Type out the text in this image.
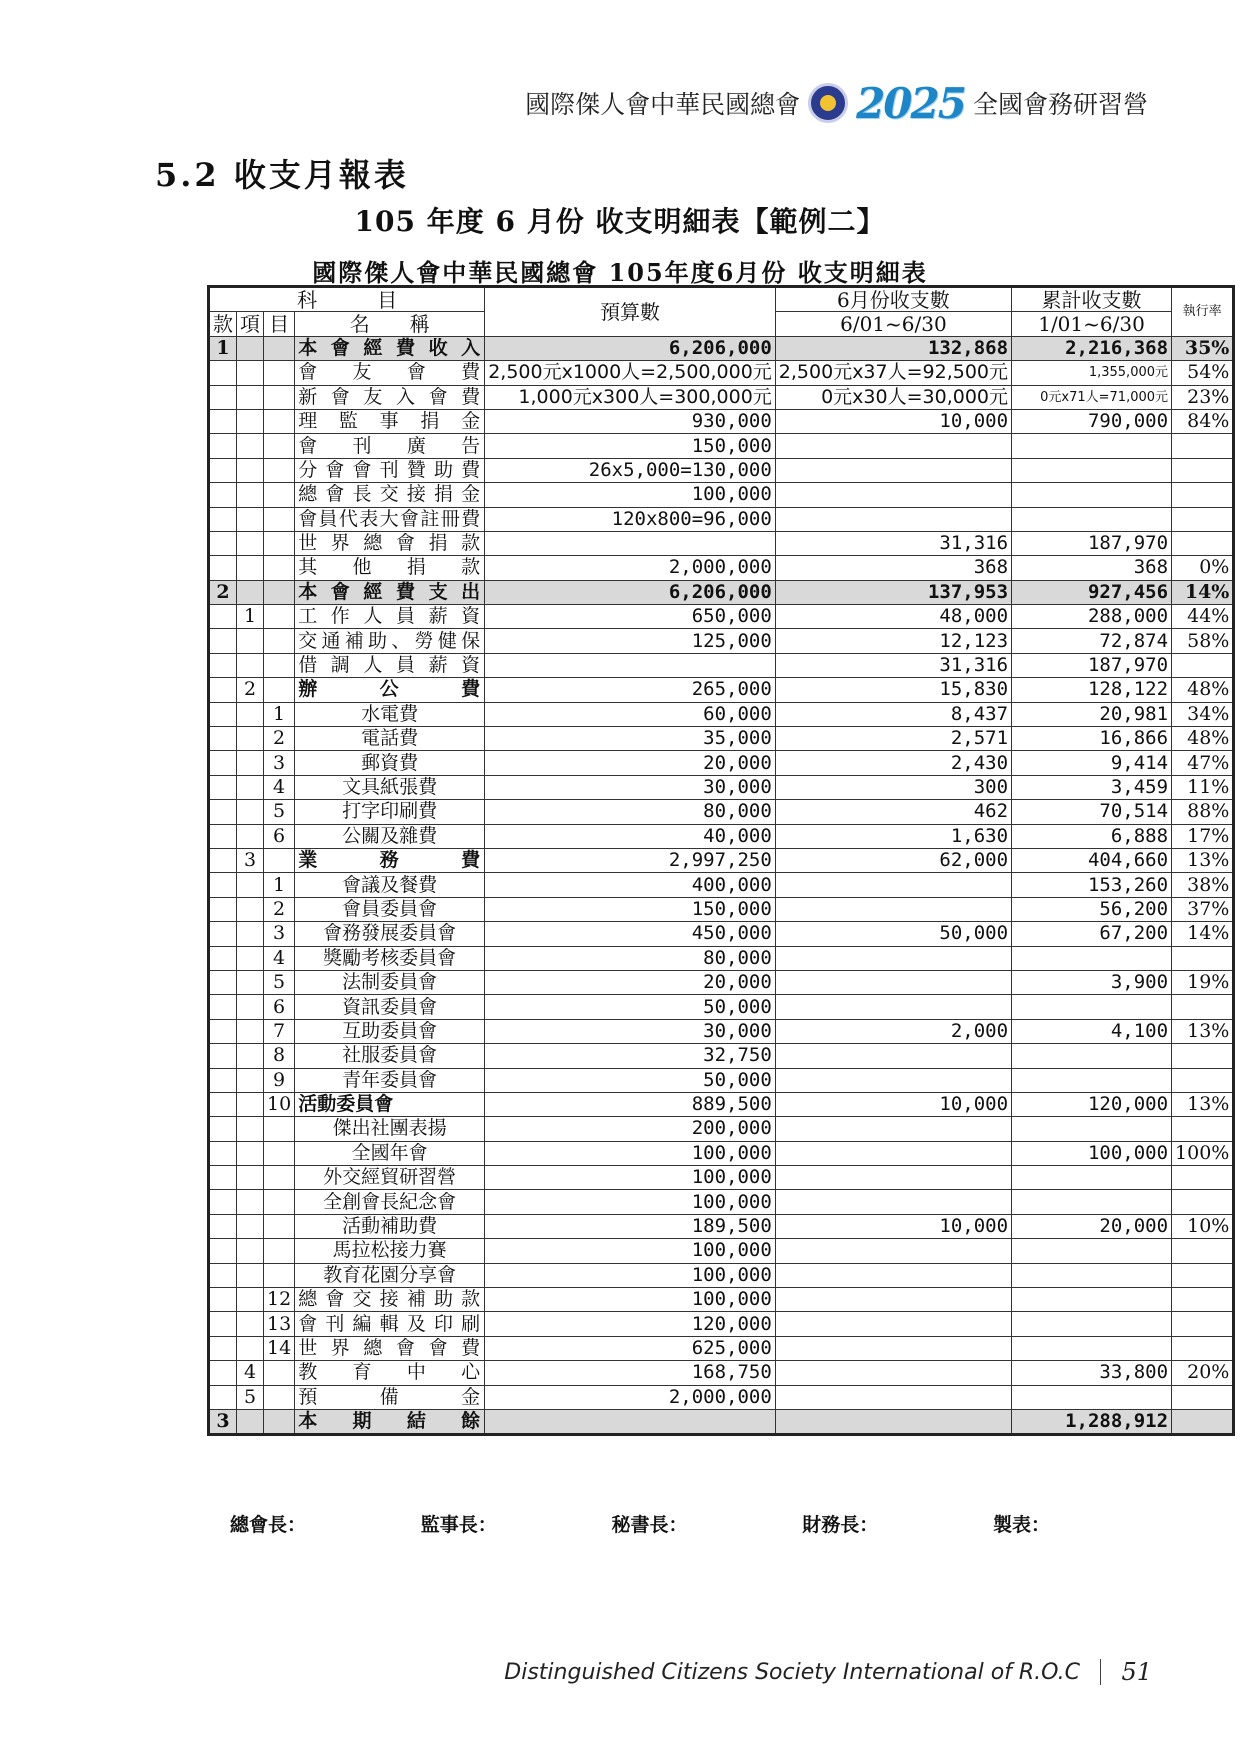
國際傑人會中華民國總會 2025 全國會務研習營
5.2 收支月報表
105 年度 6 月份 收支明細表【範例二】
國際傑人會中華民國總會 105年度6月份 收支明細表
科　　　目				預算數	6月份收支數	累計收支數	執行率
款	項	目	名　　稱		6/01~6/30	1/01~6/30	
1			本會經費收入	6,206,000	132,868	2,216,368	35%
			會友會費	2,500元x1000人=2,500,000元	2,500元x37人=92,500元	1,355,000元	54%
			新會友入會費	1,000元x300人=300,000元	0元x30人=30,000元	0元x71人=71,000元	23%
			理監事捐金	930,000	10,000	790,000	84%
			會刊廣告	150,000			
			分會會刊贊助費	26x5,000=130,000			
			總會長交接捐金	100,000			
			會員代表大會註冊費	120x800=96,000			
			世界總會捐款		31,316	187,970	
			其他捐款	2,000,000	368	368	0%
2			本會經費支出	6,206,000	137,953	927,456	14%
	1		工作人員薪資	650,000	48,000	288,000	44%
			交通補助、勞健保	125,000	12,123	72,874	58%
			借調人員薪資		31,316	187,970	
	2		辦公費	265,000	15,830	128,122	48%
		1	水電費	60,000	8,437	20,981	34%
		2	電話費	35,000	2,571	16,866	48%
		3	郵資費	20,000	2,430	9,414	47%
		4	文具紙張費	30,000	300	3,459	11%
		5	打字印刷費	80,000	462	70,514	88%
		6	公關及雜費	40,000	1,630	6,888	17%
	3		業務費	2,997,250	62,000	404,660	13%
		1	會議及餐費	400,000		153,260	38%
		2	會員委員會	150,000		56,200	37%
		3	會務發展委員會	450,000	50,000	67,200	14%
		4	獎勵考核委員會	80,000			
		5	法制委員會	20,000		3,900	19%
		6	資訊委員會	50,000			
		7	互助委員會	30,000	2,000	4,100	13%
		8	社服委員會	32,750			
		9	青年委員會	50,000			
		10	活動委員會	889,500	10,000	120,000	13%
			傑出社團表揚	200,000			
			全國年會	100,000		100,000	100%
			外交經貿研習營	100,000			
			全創會長紀念會	100,000			
			活動補助費	189,500	10,000	20,000	10%
			馬拉松接力賽	100,000			
			教育花園分享會	100,000			
		12	總會交接補助款	100,000			
		13	會刊編輯及印刷	120,000			
		14	世界總會會費	625,000			
	4		教育中心	168,750		33,800	20%
	5		預備金	2,000,000			
3			本期結餘			1,288,912	
總會長：	監事長：	秘書長：	財務長：	製表：
Distinguished Citizens Society International of R.O.C 51
